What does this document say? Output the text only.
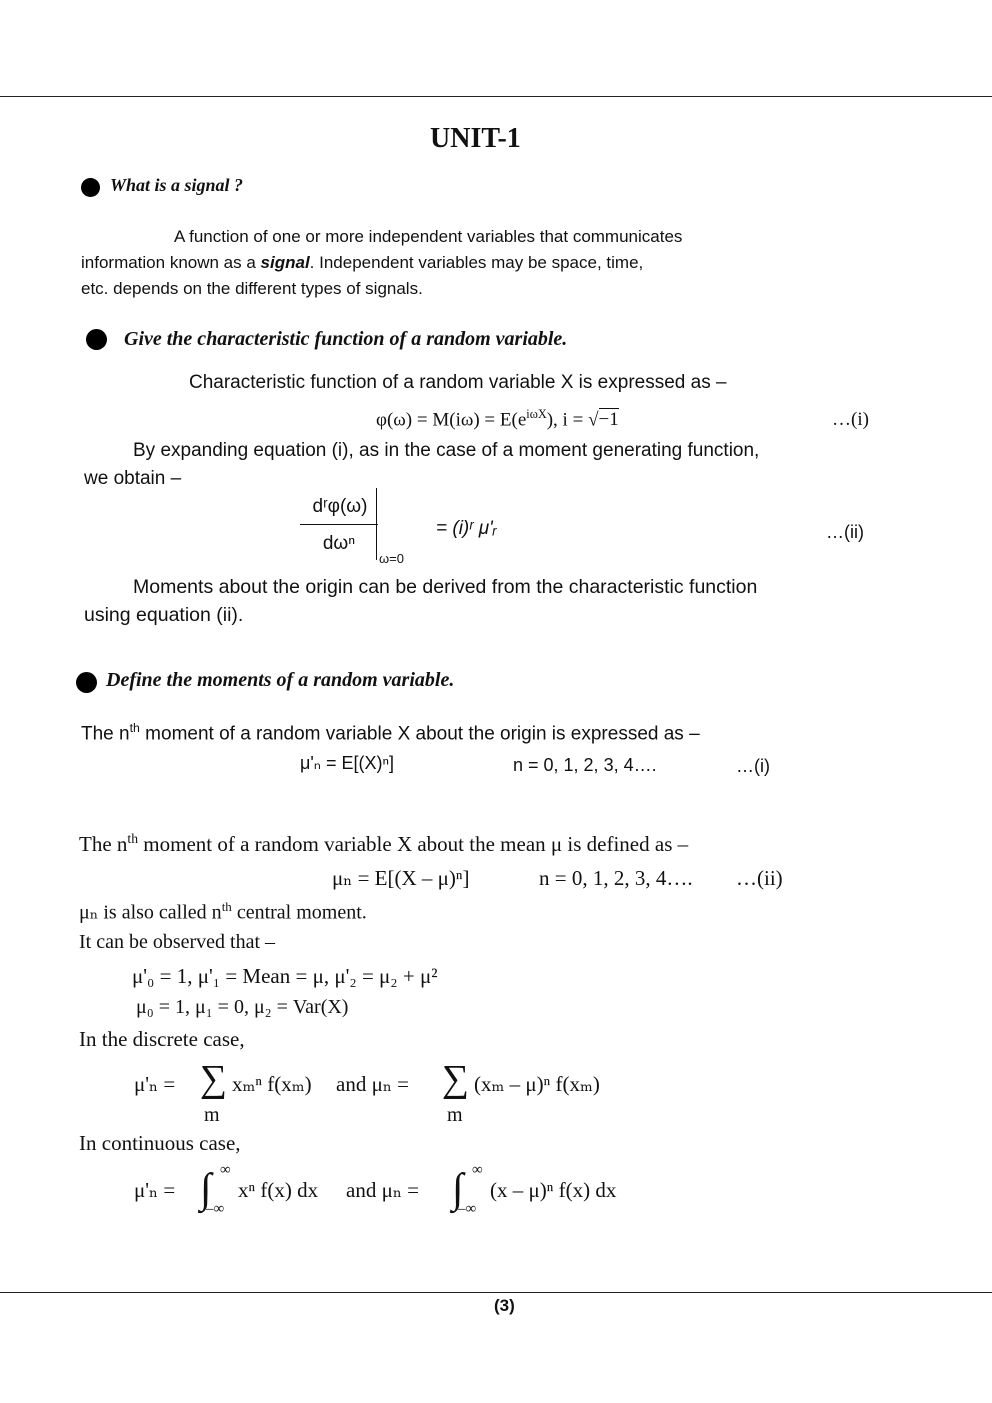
UNIT-1
What is a signal ?
A function of one or more independent variables that communicates
information known as a signal. Independent variables may be space, time,
etc. depends on the different types of signals.
Give the characteristic function of a random variable.
Characteristic function of a random variable X is expressed as –
$\varphi(\omega) = M(i\omega) = E(e^{i\omega X})$, i = √−1	…(i)
By expanding equation (i), as in the case of a moment generating function,
we obtain –
dʳφ(ω)
dωⁿ
ω=0
= (i)ʳ μ'ᵣ	…(ii)
Moments about the origin can be derived from the characteristic function
using equation (ii).
Define the moments of a random variable.
The $n^{th}$ moment of a random variable X about the origin is expressed as –
μ'ₙ = E[(X)ⁿ]	n = 0, 1, 2, 3, 4….	…(i)
The $n^{th}$ moment of a random variable X about the mean μ is defined as –
μₙ = E[(X – μ)ⁿ]	n = 0, 1, 2, 3, 4…. …(ii)
μₙ is also called $n^{th}$ central moment.
It can be observed that –
μ'₀ = 1, μ'₁ = Mean = μ, μ'₂ = μ₂ + μ²
μ₀ = 1, μ₁ = 0, μ₂ = Var(X)
In the discrete case,
μ'ₙ = ∑ xₘⁿ f(xₘ)
m
and μₙ = ∑ (xₘ – μ)ⁿ f(xₘ)
m
In continuous case,
μ'ₙ = ∫ ∞
–∞
xⁿ f(x) dx and μₙ = ∫ ∞
–∞
(x – μ)ⁿ f(x) dx
(3)
